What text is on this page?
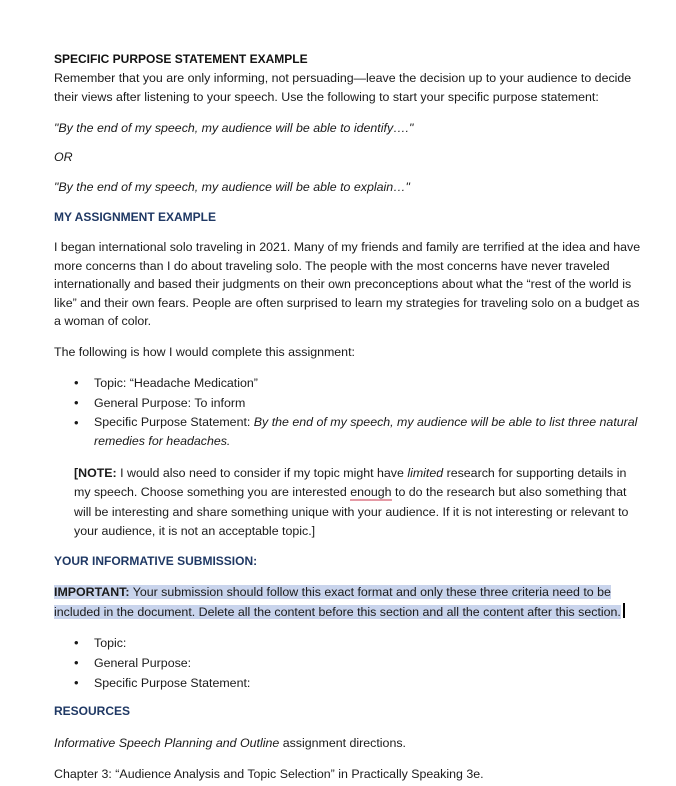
SPECIFIC PURPOSE STATEMENT EXAMPLE

Remember that you are only informing, not persuading—leave the decision up to your audience to decide their views after listening to your speech. Use the following to start your specific purpose statement:

"By the end of my speech, my audience will be able to identify…."

OR

"By the end of my speech, my audience will be able to explain…"

MY ASSIGNMENT EXAMPLE

I began international solo traveling in 2021. Many of my friends and family are terrified at the idea and have more concerns than I do about traveling solo. The people with the most concerns have never traveled internationally and based their judgments on their own preconceptions about what the “rest of the world is like” and their own fears. People are often surprised to learn my strategies for traveling solo on a budget as a woman of color.

The following is how I would complete this assignment:

• Topic: “Headache Medication”
• General Purpose: To inform
• Specific Purpose Statement: By the end of my speech, my audience will be able to list three natural remedies for headaches.

[NOTE: I would also need to consider if my topic might have limited research for supporting details in my speech. Choose something you are interested enough to do the research but also something that will be interesting and share something unique with your audience. If it is not interesting or relevant to your audience, it is not an acceptable topic.]

YOUR INFORMATIVE SUBMISSION:

IMPORTANT: Your submission should follow this exact format and only these three criteria need to be included in the document. Delete all the content before this section and all the content after this section.

• Topic:
• General Purpose:
• Specific Purpose Statement:
RESOURCES

Informative Speech Planning and Outline assignment directions.

Chapter 3: “Audience Analysis and Topic Selection” in Practically Speaking 3e.
